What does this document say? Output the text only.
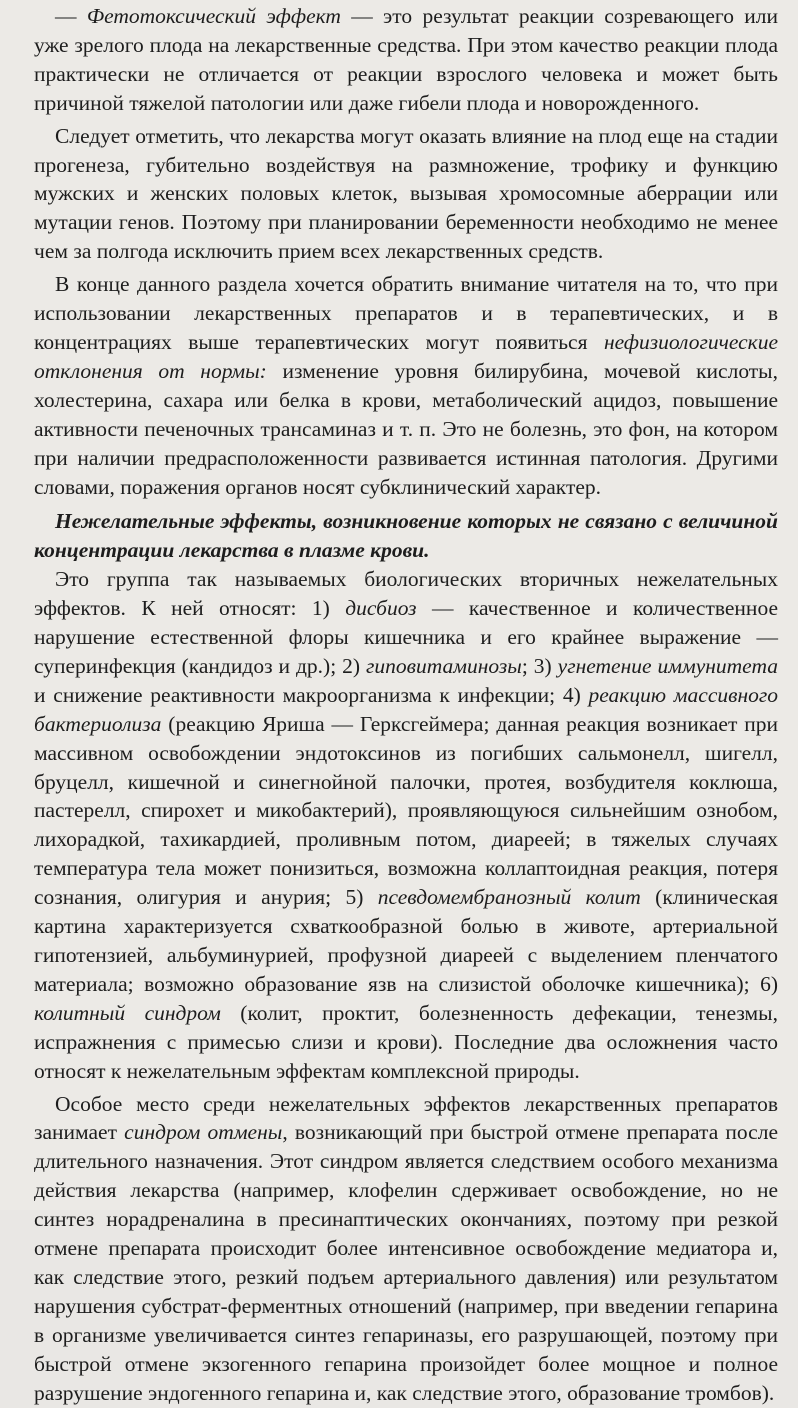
— Фетотоксический эффект — это результат реакции созревающего или уже зрелого плода на лекарственные средства. При этом качество реакции плода практически не отличается от реакции взрослого человека и может быть причиной тяжелой патологии или даже гибели плода и новорожденного.

Следует отметить, что лекарства могут оказать влияние на плод еще на стадии прогенеза, губительно воздействуя на размножение, трофику и функцию мужских и женских половых клеток, вызывая хромосомные аберрации или мутации генов. Поэтому при планировании беременности необходимо не менее чем за полгода исключить прием всех лекарственных средств.

В конце данного раздела хочется обратить внимание читателя на то, что при использовании лекарственных препаратов и в терапевтических, и в концентрациях выше терапевтических могут появиться нефизиологические отклонения от нормы: изменение уровня билирубина, мочевой кислоты, холестерина, сахара или белка в крови, метаболический ацидоз, повышение активности печеночных трансаминаз и т. п. Это не болезнь, это фон, на котором при наличии предрасположенности развивается истинная патология. Другими словами, поражения органов носят субклинический характер.

Нежелательные эффекты, возникновение которых не связано с величиной концентрации лекарства в плазме крови.

Это группа так называемых биологических вторичных нежелательных эффектов. К ней относят: 1) дисбиоз — качественное и количественное нарушение естественной флоры кишечника и его крайнее выражение — суперинфекция (кандидоз и др.); 2) гиповитаминозы; 3) угнетение иммунитета и снижение реактивности макроорганизма к инфекции; 4) реакцию массивного бактериолиза (реакцию Яриша — Герксгеймера; данная реакция возникает при массивном освобождении эндотоксинов из погибших сальмонелл, шигелл, бруцелл, кишечной и синегнойной палочки, протея, возбудителя коклюша, пастерелл, спирохет и микобактерий), проявляющуюся сильнейшим ознобом, лихорадкой, тахикардией, проливным потом, диареей; в тяжелых случаях температура тела может понизиться, возможна коллаптоидная реакция, потеря сознания, олигурия и анурия; 5) псевдомембранозный колит (клиническая картина характеризуется схваткообразной болью в животе, артериальной гипотензией, альбуминурией, профузной диареей с выделением пленчатого материала; возможно образование язв на слизистой оболочке кишечника); 6) колитный синдром (колит, проктит, болезненность дефекации, тенезмы, испражнения с примесью слизи и крови). Последние два осложнения часто относят к нежелательным эффектам комплексной природы.

Особое место среди нежелательных эффектов лекарственных препаратов занимает синдром отмены, возникающий при быстрой отмене препарата после длительного назначения. Этот синдром является следствием особого механизма действия лекарства (например, клофелин сдерживает освобождение, но не синтез норадреналина в пресинаптических окончаниях, поэтому при резкой отмене препарата происходит более интенсивное освобождение медиатора и, как следствие этого, резкий подъем артериального давления) или результатом нарушения субстрат-ферментных отношений (например, при введении гепарина в организме увеличивается синтез гепариназы, его разрушающей, поэтому при быстрой отмене экзогенного гепарина произойдет более мощное и полное разрушение эндогенного гепарина и, как следствие этого, образование тромбов).
